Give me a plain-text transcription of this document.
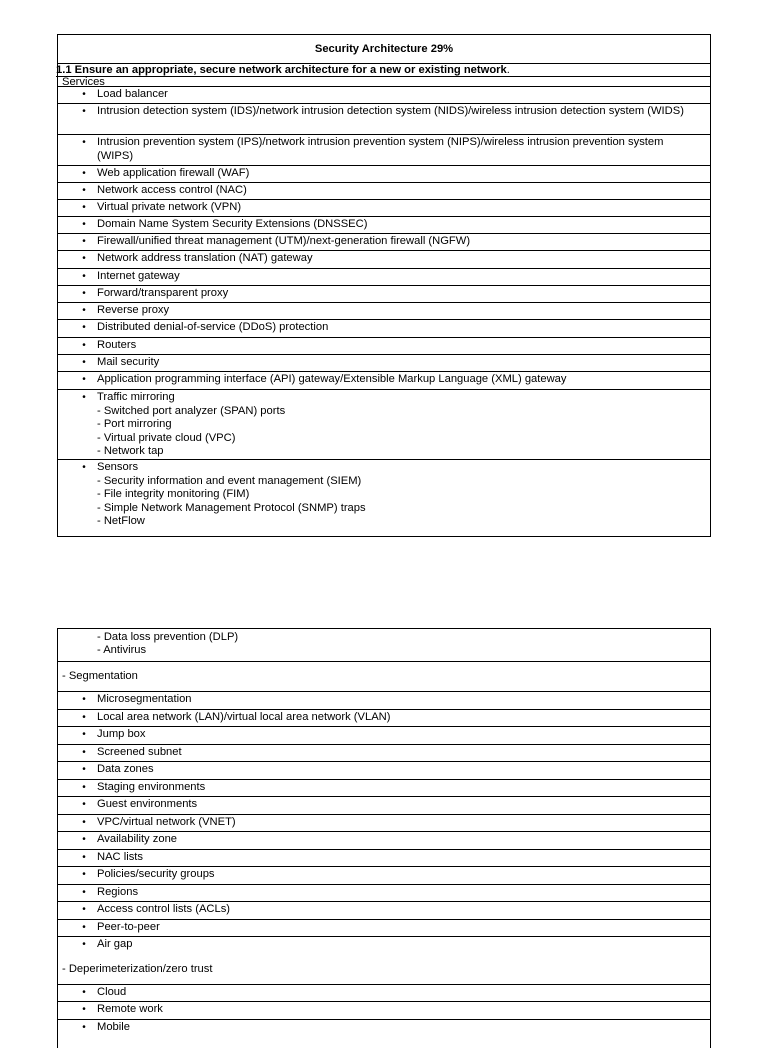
Security Architecture 29%
1.1 Ensure an appropriate, secure network architecture for a new or existing network.
Services
• Load balancer
• Intrusion detection system (IDS)/network intrusion detection system (NIDS)/wireless intrusion detection system (WIDS)
• Intrusion prevention system (IPS)/network intrusion prevention system (NIPS)/wireless intrusion prevention system (WIPS)
• Web application firewall (WAF)
• Network access control (NAC)
• Virtual private network (VPN)
• Domain Name System Security Extensions (DNSSEC)
• Firewall/unified threat management (UTM)/next-generation firewall (NGFW)
• Network address translation (NAT) gateway
• Internet gateway
• Forward/transparent proxy
• Reverse proxy
• Distributed denial-of-service (DDoS) protection
• Routers
• Mail security
• Application programming interface (API) gateway/Extensible Markup Language (XML) gateway
• Traffic mirroring
- Switched port analyzer (SPAN) ports
- Port mirroring
- Virtual private cloud (VPC)
- Network tap
• Sensors
- Security information and event management (SIEM)
- File integrity monitoring (FIM)
- Simple Network Management Protocol (SNMP) traps
- NetFlow
- Data loss prevention (DLP)
- Antivirus
- Segmentation
• Microsegmentation
• Local area network (LAN)/virtual local area network (VLAN)
• Jump box
• Screened subnet
• Data zones
• Staging environments
• Guest environments
• VPC/virtual network (VNET)
• Availability zone
• NAC lists
• Policies/security groups
• Regions
• Access control lists (ACLs)
• Peer-to-peer
• Air gap
- Deperimeterization/zero trust
• Cloud
• Remote work
• Mobile
